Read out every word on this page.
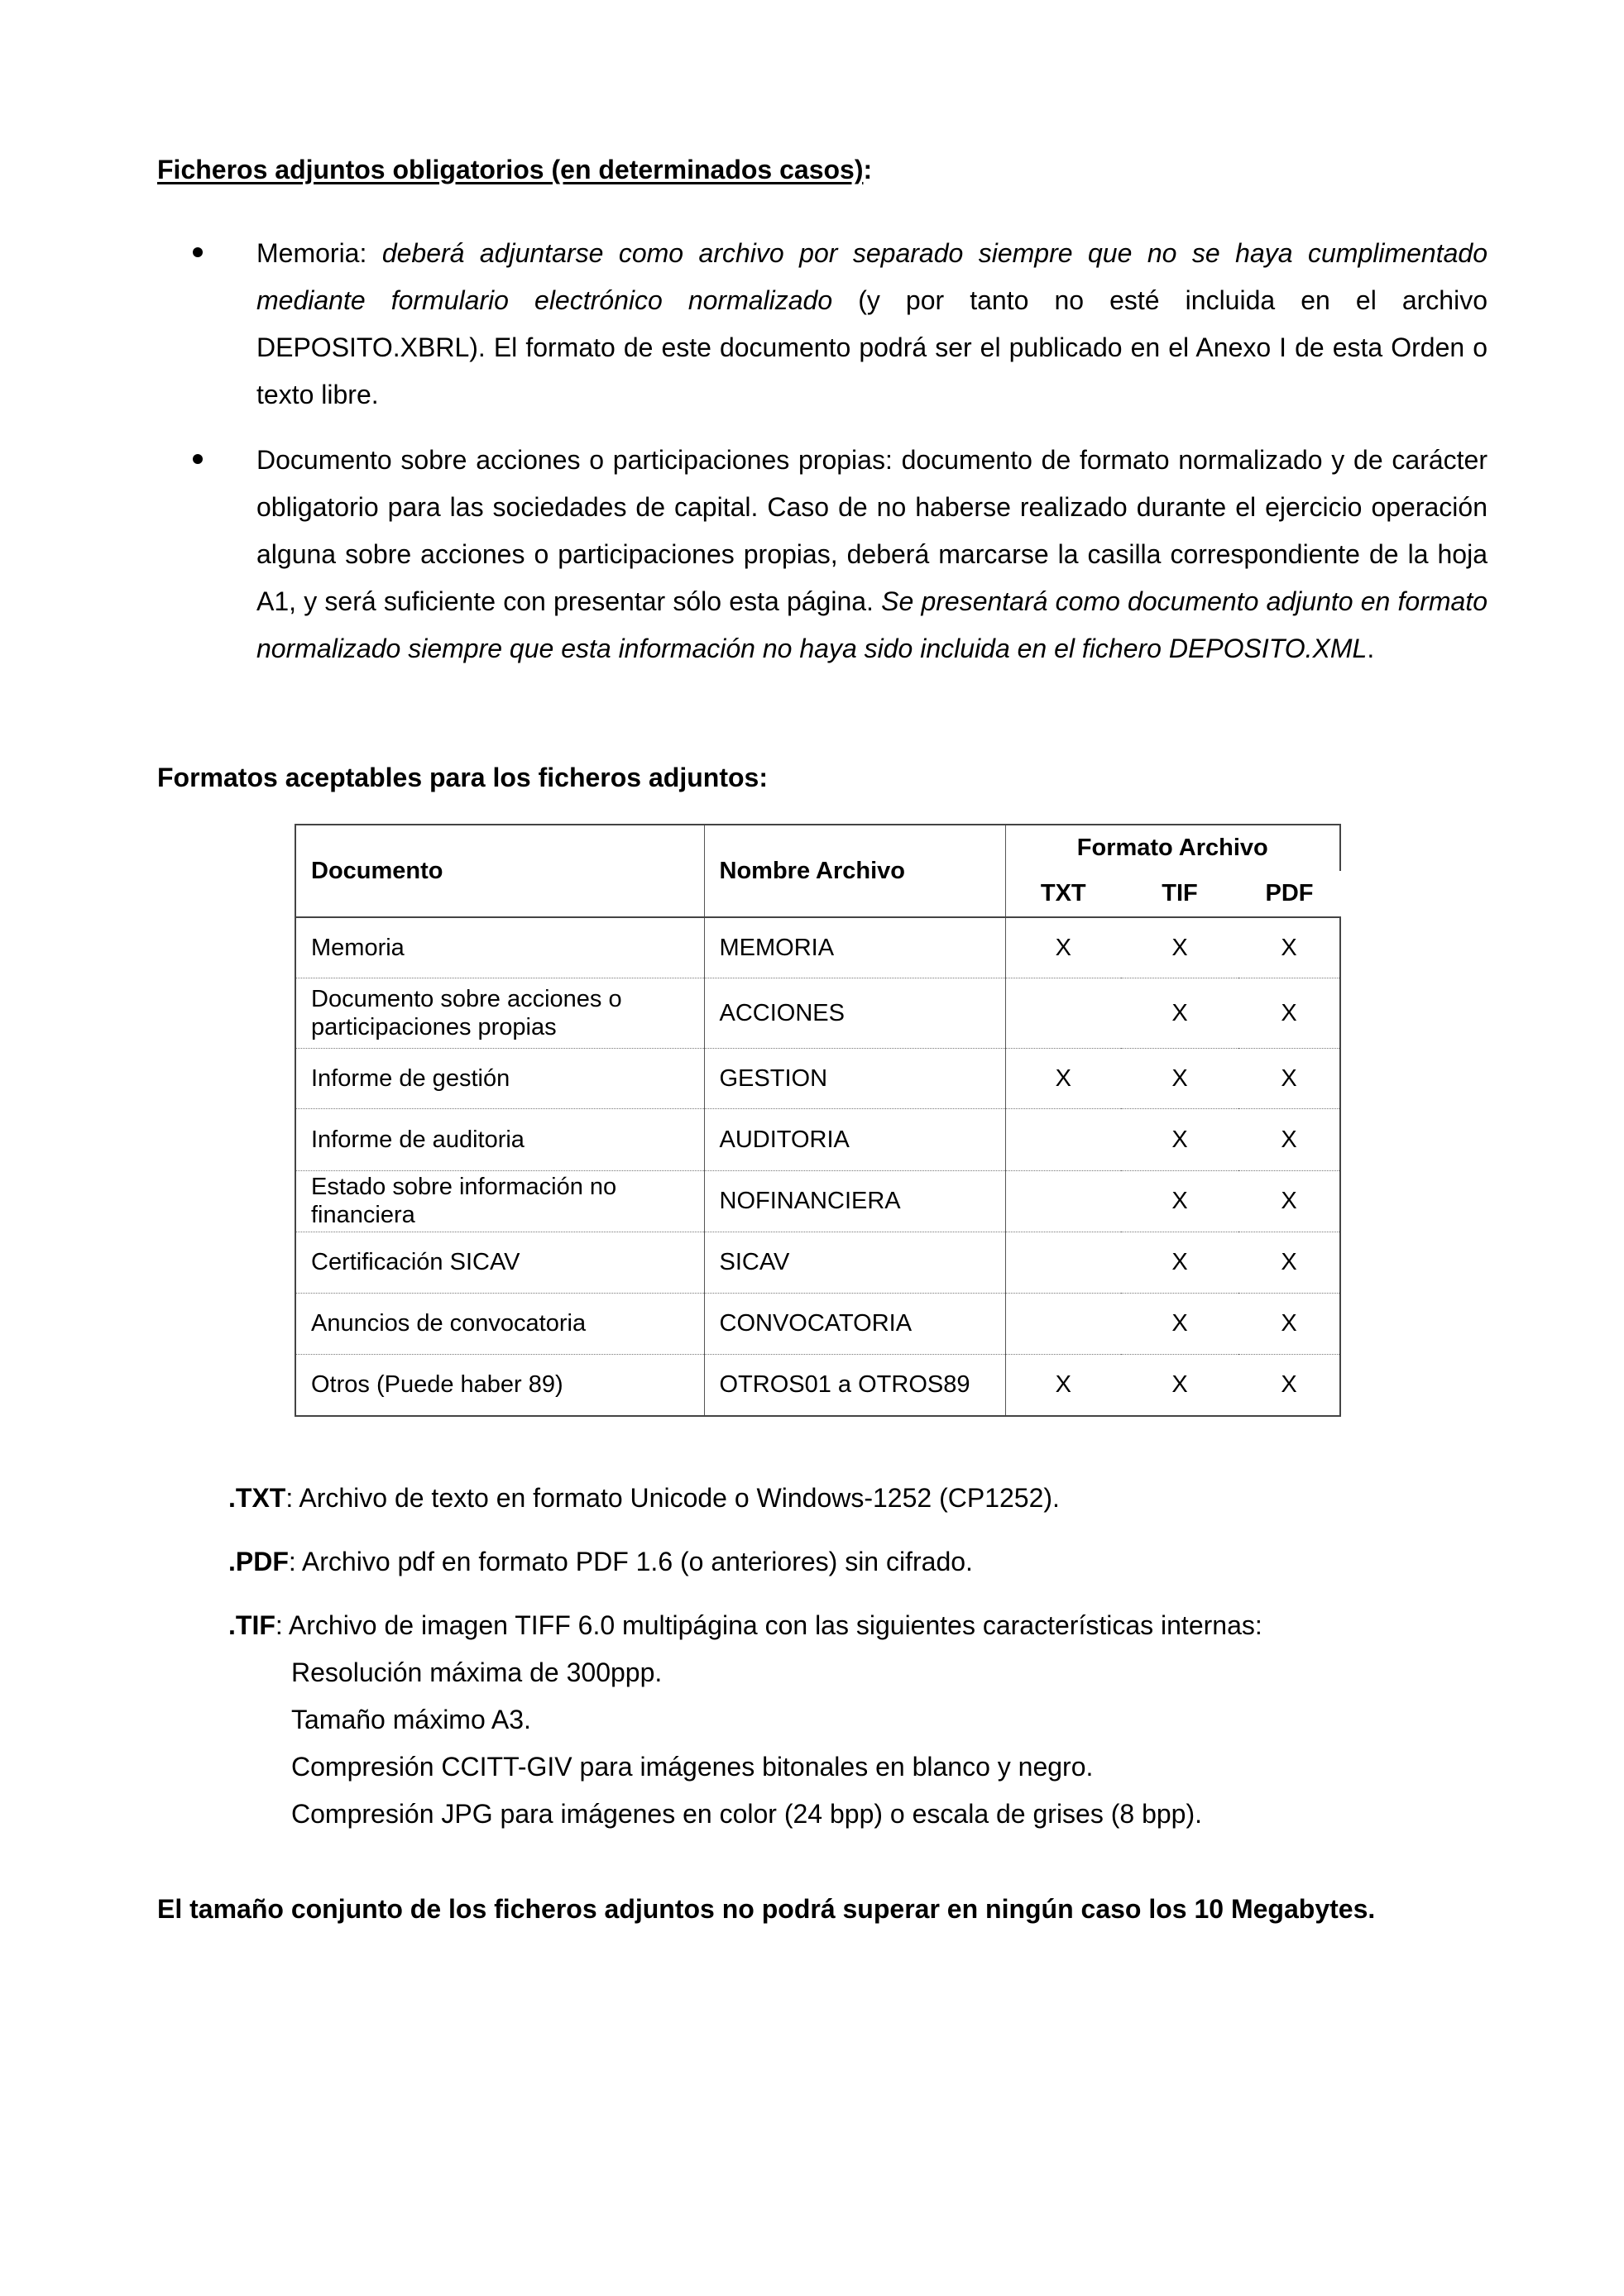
Ficheros adjuntos obligatorios (en determinados casos):
Memoria: deberá adjuntarse como archivo por separado siempre que no se haya cumplimentado mediante formulario electrónico normalizado (y por tanto no esté incluida en el archivo DEPOSITO.XBRL). El formato de este documento podrá ser el publicado en el Anexo I de esta Orden o texto libre.
Documento sobre acciones o participaciones propias: documento de formato normalizado y de carácter obligatorio para las sociedades de capital. Caso de no haberse realizado durante el ejercicio operación alguna sobre acciones o participaciones propias, deberá marcarse la casilla correspondiente de la hoja A1, y será suficiente con presentar sólo esta página. Se presentará como documento adjunto en formato normalizado siempre que esta información no haya sido incluida en el fichero DEPOSITO.XML.
Formatos aceptables para los ficheros adjuntos:
Documento	Nombre Archivo	Formato Archivo		
		TXT	TIF	PDF
Memoria	MEMORIA	X	X	X
Documento sobre acciones o participaciones propias	ACCIONES		X	X
Informe de gestión	GESTION	X	X	X
Informe de auditoria	AUDITORIA		X	X
Estado sobre información no financiera	NOFINANCIERA		X	X
Certificación SICAV	SICAV		X	X
Anuncios de convocatoria	CONVOCATORIA		X	X
Otros (Puede haber 89)	OTROS01 a OTROS89	X	X	X
.TXT: Archivo de texto en formato Unicode o Windows-1252 (CP1252).
.PDF: Archivo pdf en formato PDF 1.6 (o anteriores) sin cifrado.
.TIF: Archivo de imagen TIFF 6.0 multipágina con las siguientes características internas:
Resolución máxima de 300ppp.
Tamaño máximo A3.
Compresión CCITT-GIV para imágenes bitonales en blanco y negro.
Compresión JPG para imágenes en color (24 bpp) o escala de grises (8 bpp).
El tamaño conjunto de los ficheros adjuntos no podrá superar en ningún caso los 10 Megabytes.
